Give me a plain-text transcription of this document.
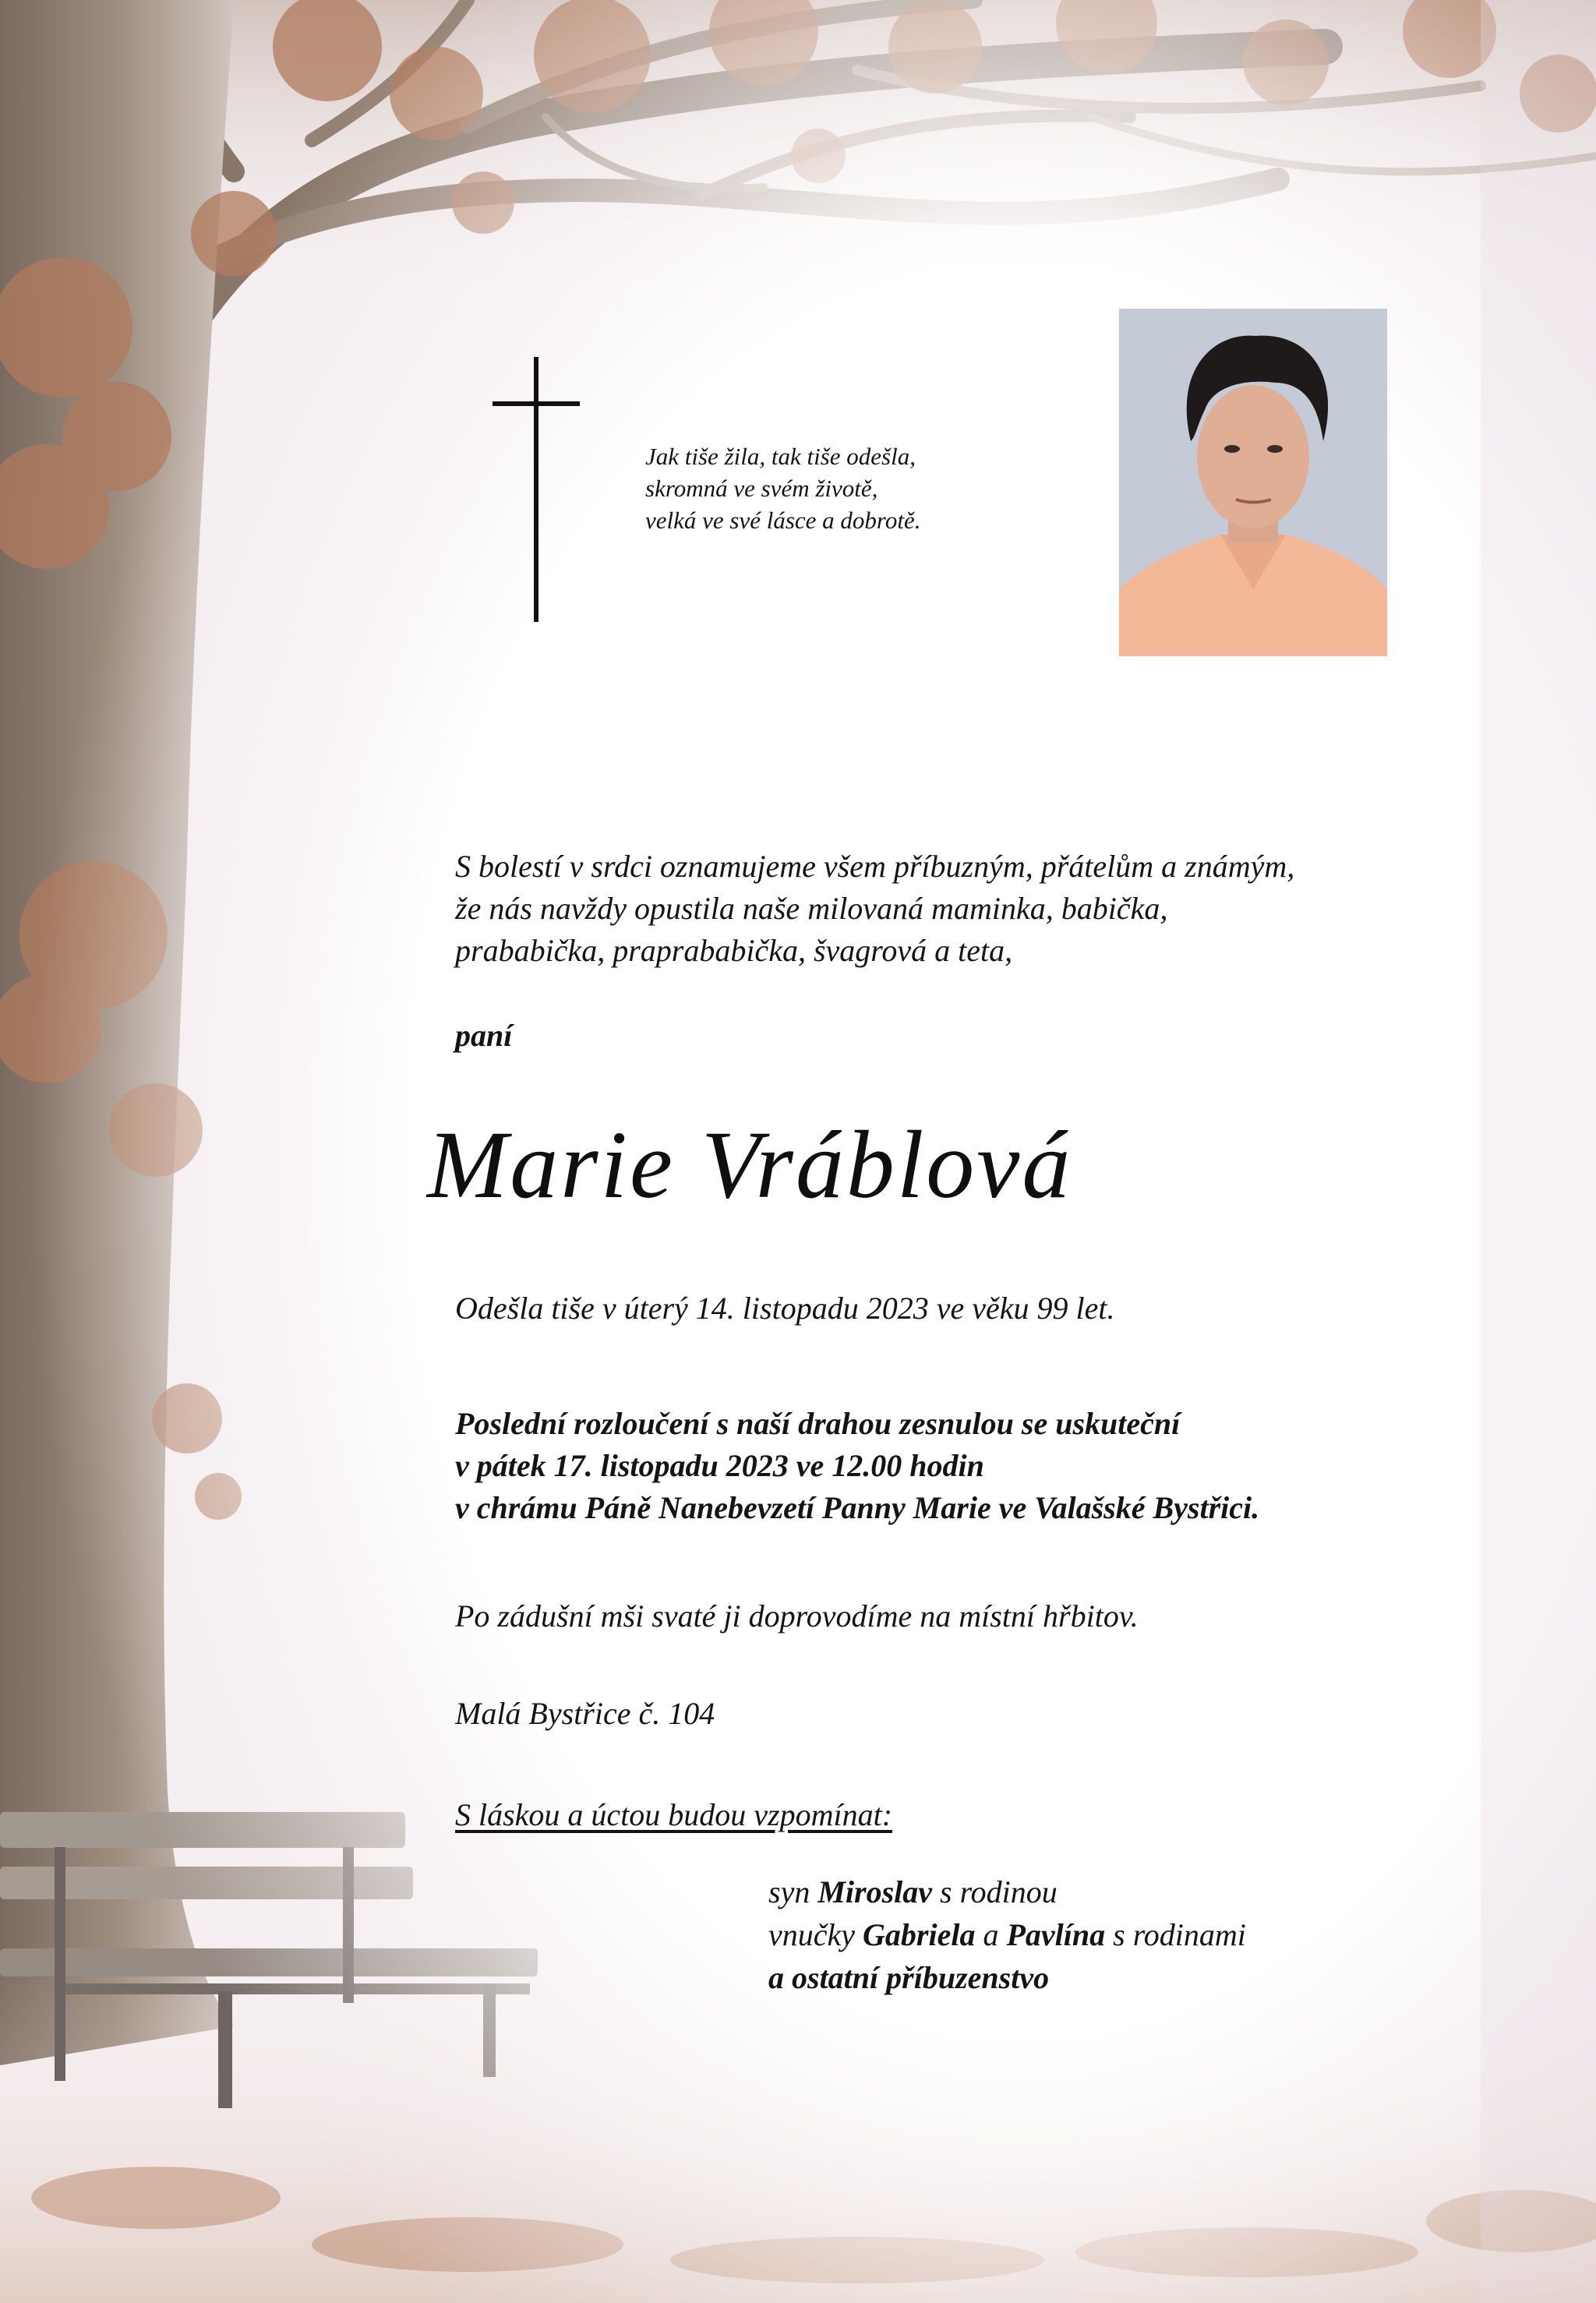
Jak tiše žila, tak tiše odešla,
skromná ve svém životě,
velká ve své lásce a dobrotě.

S bolestí v srdci oznamujeme všem příbuzným, přátelům a známým,
že nás navždy opustila naše milovaná maminka, babička,
prababička, praprababička, švagrová a teta,

paní

Marie Vráblová

Odešla tiše v úterý 14. listopadu 2023 ve věku 99 let.

Poslední rozloučení s naší drahou zesnulou se uskuteční
v pátek 17. listopadu 2023 ve 12.00 hodin
v chrámu Páně Nanebevzetí Panny Marie ve Valašské Bystřici.

Po zádušní mši svaté ji doprovodíme na místní hřbitov.

Malá Bystřice č. 104

S láskou a úctou budou vzpomínat:

syn Miroslav s rodinou
vnučky Gabriela a Pavlína s rodinami
a ostatní příbuzenstvo
